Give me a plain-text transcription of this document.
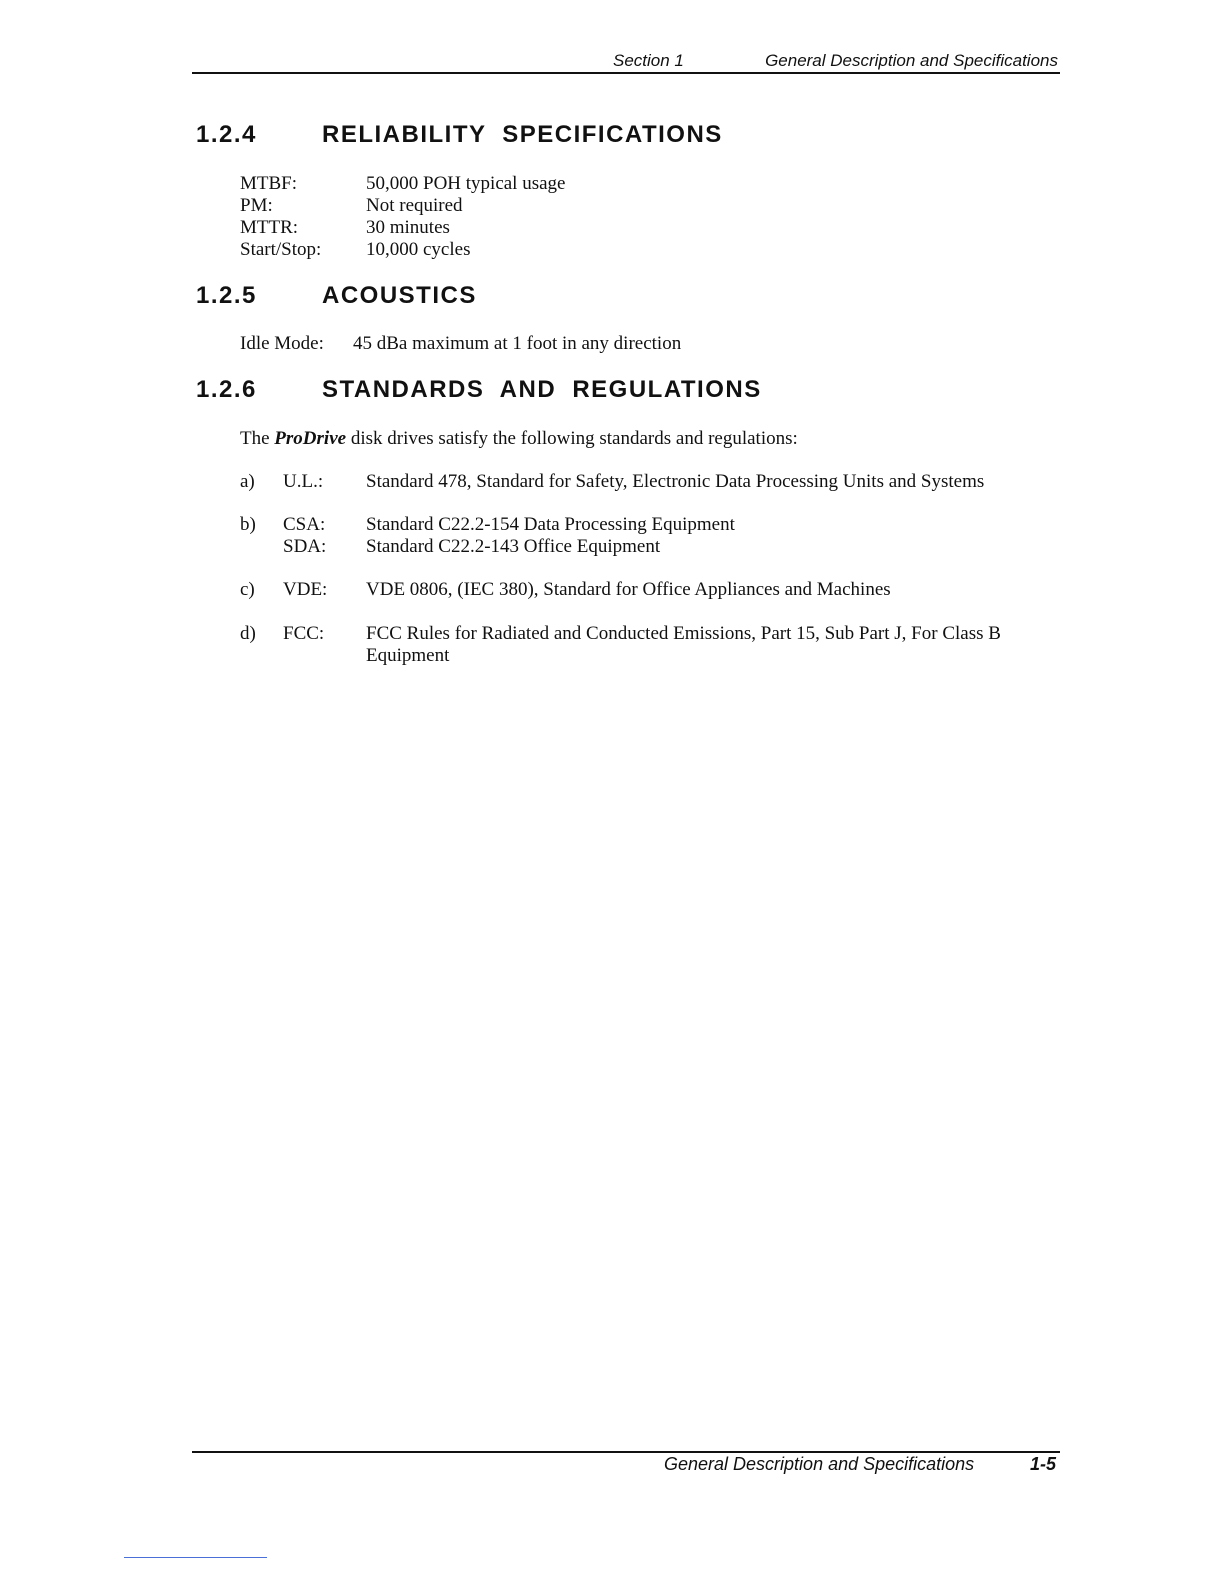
Section 1	General Description and Specifications
1.2.4	RELIABILITY SPECIFICATIONS
MTBF:	50,000 POH typical usage
PM:	Not required
MTTR:	30 minutes
Start/Stop: 10,000 cycles
1.2.5	ACOUSTICS
Idle Mode: 45 dBa maximum at 1 foot in any direction
1.2.6	STANDARDS AND REGULATIONS
The ProDrive disk drives satisfy the following standards and regulations:
a) U.L.: Standard 478, Standard for Safety, Electronic Data Processing Units and Systems
b) CSA: Standard C22.2-154 Data Processing Equipment
SDA: Standard C22.2-143 Office Equipment
c) VDE: VDE 0806, (IEC 380), Standard for Office Appliances and Machines
d) FCC: FCC Rules for Radiated and Conducted Emissions, Part 15, Sub Part J, For Class B
Equipment
General Description and Specifications	1-5
